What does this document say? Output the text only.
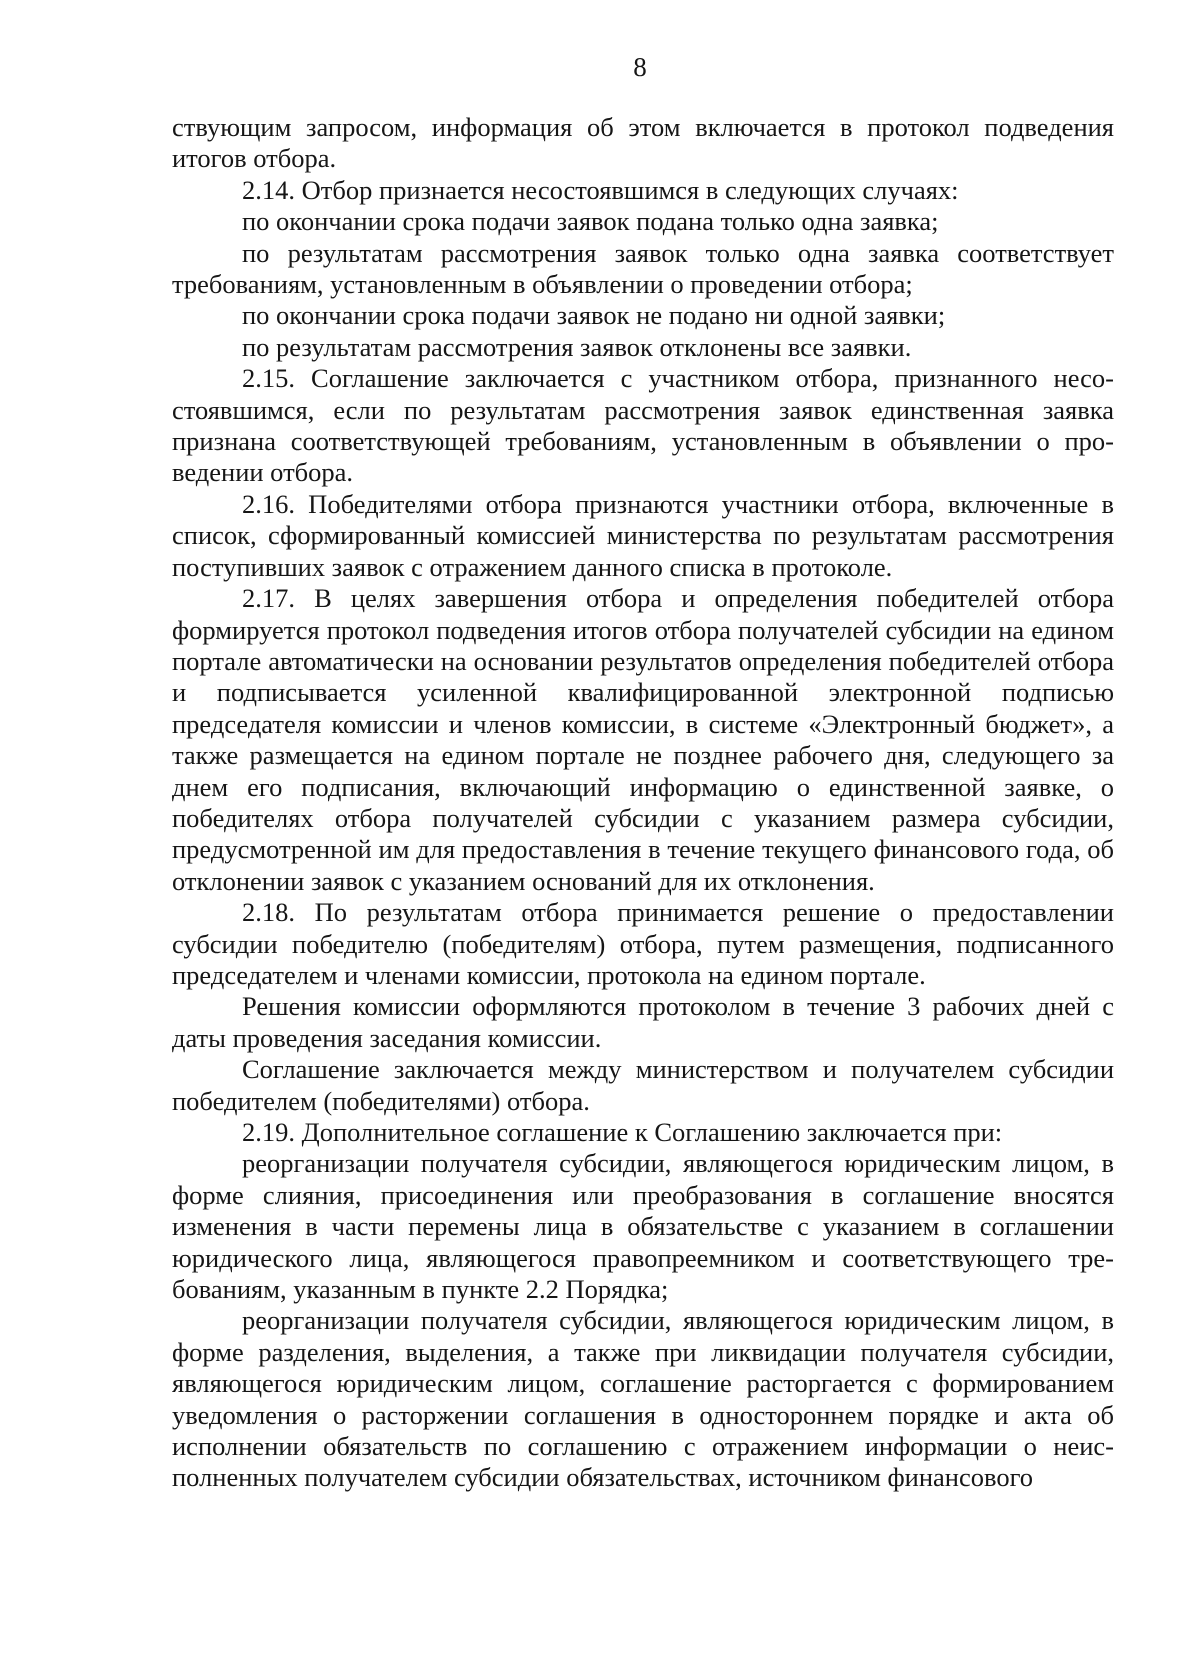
8

ствующим запросом, информация об этом включается в протокол подведения итогов отбора.

2.14. Отбор признается несостоявшимся в следующих случаях:

по окончании срока подачи заявок подана только одна заявка;

по результатам рассмотрения заявок только одна заявка соответствует требованиям, установленным в объявлении о проведении отбора;

по окончании срока подачи заявок не подано ни одной заявки;

по результатам рассмотрения заявок отклонены все заявки.

2.15. Соглашение заключается с участником отбора, признанного несостоявшимся, если по результатам рассмотрения заявок единственная заявка признана соответствующей требованиям, установленным в объявлении о проведении отбора.

2.16. Победителями отбора признаются участники отбора, включенные в список, сформированный комиссией министерства по результатам рассмотрения поступивших заявок с отражением данного списка в протоколе.

2.17. В целях завершения отбора и определения победителей отбора формируется протокол подведения итогов отбора получателей субсидии на едином портале автоматически на основании результатов определения победителей отбора и подписывается усиленной квалифицированной электронной подписью председателя комиссии и членов комиссии, в системе «Электронный бюджет», а также размещается на едином портале не позднее рабочего дня, следующего за днем его подписания, включающий информацию о единственной заявке, о победителях отбора получателей субсидии с указанием размера субсидии, предусмотренной им для предоставления в течение текущего финансового года, об отклонении заявок с указанием оснований для их отклонения.

2.18. По результатам отбора принимается решение о предоставлении субсидии победителю (победителям) отбора, путем размещения, подписанного председателем и членами комиссии, протокола на едином портале.

Решения комиссии оформляются протоколом в течение 3 рабочих дней с даты проведения заседания комиссии.

Соглашение заключается между министерством и получателем субсидии победителем (победителями) отбора.

2.19. Дополнительное соглашение к Соглашению заключается при:

реорганизации получателя субсидии, являющегося юридическим лицом, в форме слияния, присоединения или преобразования в соглашение вносятся изменения в части перемены лица в обязательстве с указанием в соглашении юридического лица, являющегося правопреемником и соответствующего требованиям, указанным в пункте 2.2 Порядка;

реорганизации получателя субсидии, являющегося юридическим лицом, в форме разделения, выделения, а также при ликвидации получателя субсидии, являющегося юридическим лицом, соглашение расторгается с формированием уведомления о расторжении соглашения в одностороннем порядке и акта об исполнении обязательств по соглашению с отражением информации о неисполненных получателем субсидии обязательствах, источником финансового
